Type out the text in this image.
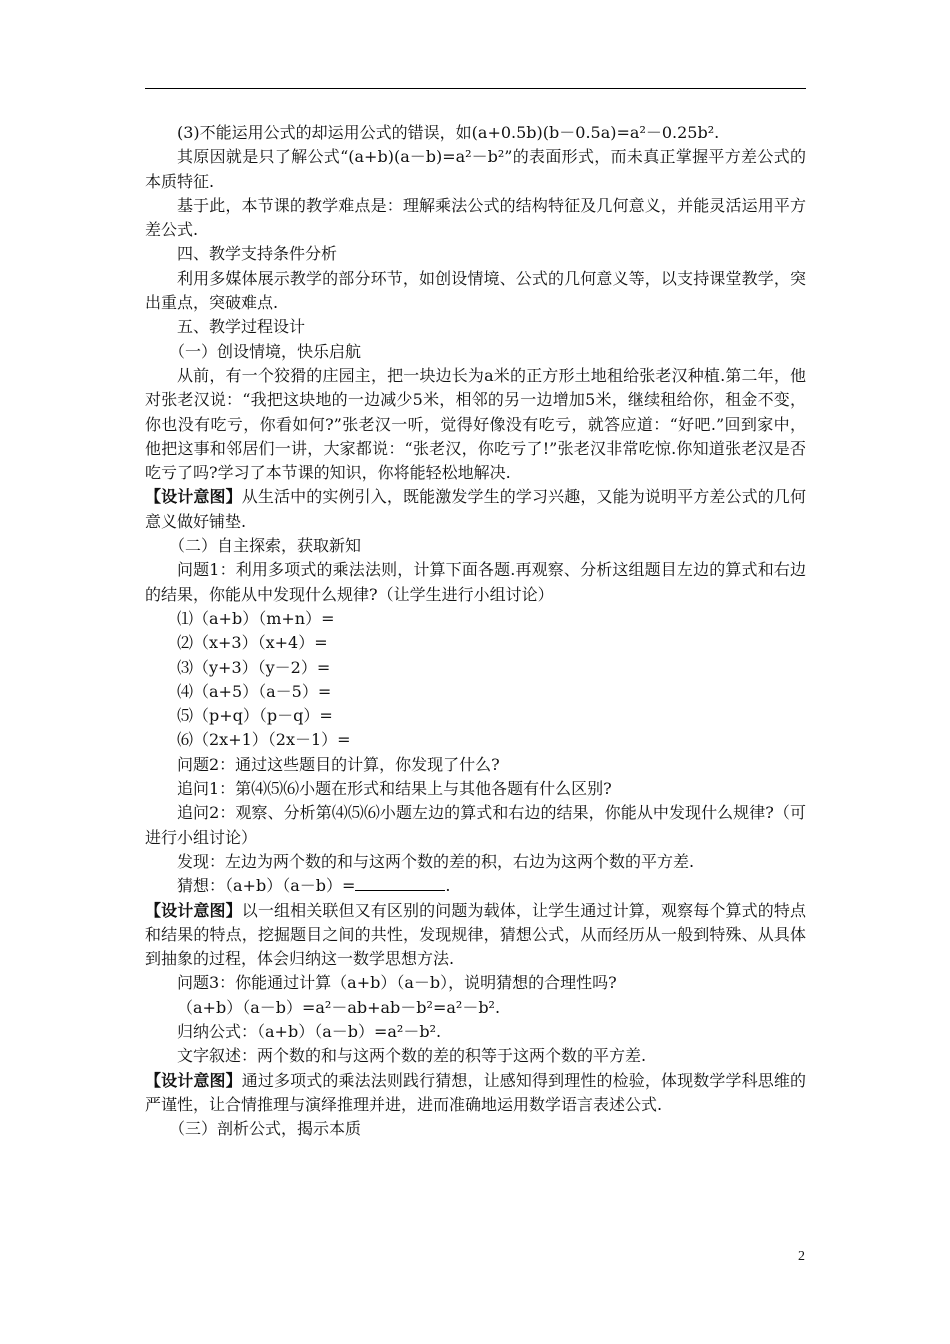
(3)不能运用公式的却运用公式的错误，如(a+0.5b)(b－0.5a)=a²－0.25b².

其原因就是只了解公式“(a+b)(a－b)=a²－b²”的表面形式，而未真正掌握平方差公式的本质特征.

基于此，本节课的教学难点是：理解乘法公式的结构特征及几何意义，并能灵活运用平方差公式.

四、教学支持条件分析

利用多媒体展示教学的部分环节，如创设情境、公式的几何意义等，以支持课堂教学，突出重点，突破难点.

五、教学过程设计

（一）创设情境，快乐启航

从前，有一个狡猾的庄园主，把一块边长为a米的正方形土地租给张老汉种植.第二年，他对张老汉说：“我把这块地的一边减少5米，相邻的另一边增加5米，继续租给你，租金不变，你也没有吃亏，你看如何?”张老汉一听，觉得好像没有吃亏，就答应道：“好吧.”回到家中，他把这事和邻居们一讲，大家都说：“张老汉，你吃亏了!”张老汉非常吃惊.你知道张老汉是否吃亏了吗?学习了本节课的知识，你将能轻松地解决.

【设计意图】从生活中的实例引入，既能激发学生的学习兴趣，又能为说明平方差公式的几何意义做好铺垫.

（二）自主探索，获取新知

问题1：利用多项式的乘法法则，计算下面各题.再观察、分析这组题目左边的算式和右边的结果，你能从中发现什么规律?（让学生进行小组讨论）

⑴（a+b）（m+n）=

⑵（x+3）（x+4）=

⑶（y+3）（y－2）=

⑷（a+5）（a－5）=

⑸（p+q）（p－q）=

⑹（2x+1）（2x－1）=

问题2：通过这些题目的计算，你发现了什么?

追问1：第⑷⑸⑹小题在形式和结果上与其他各题有什么区别?

追问2：观察、分析第⑷⑸⑹小题左边的算式和右边的结果，你能从中发现什么规律?（可进行小组讨论）

发现：左边为两个数的和与这两个数的差的积，右边为这两个数的平方差.

猜想：（a+b）（a－b）=	.

【设计意图】以一组相关联但又有区别的问题为载体，让学生通过计算，观察每个算式的特点和结果的特点，挖掘题目之间的共性，发现规律，猜想公式，从而经历从一般到特殊、从具体到抽象的过程，体会归纳这一数学思想方法.

问题3：你能通过计算（a+b）（a－b），说明猜想的合理性吗?

（a+b）（a－b）=a²－ab+ab－b²=a²－b².

归纳公式：（a+b）（a－b）=a²－b².

文字叙述：两个数的和与这两个数的差的积等于这两个数的平方差.

【设计意图】通过多项式的乘法法则践行猜想，让感知得到理性的检验，体现数学学科思维的严谨性，让合情推理与演绎推理并进，进而准确地运用数学语言表述公式.

（三）剖析公式，揭示本质

2
